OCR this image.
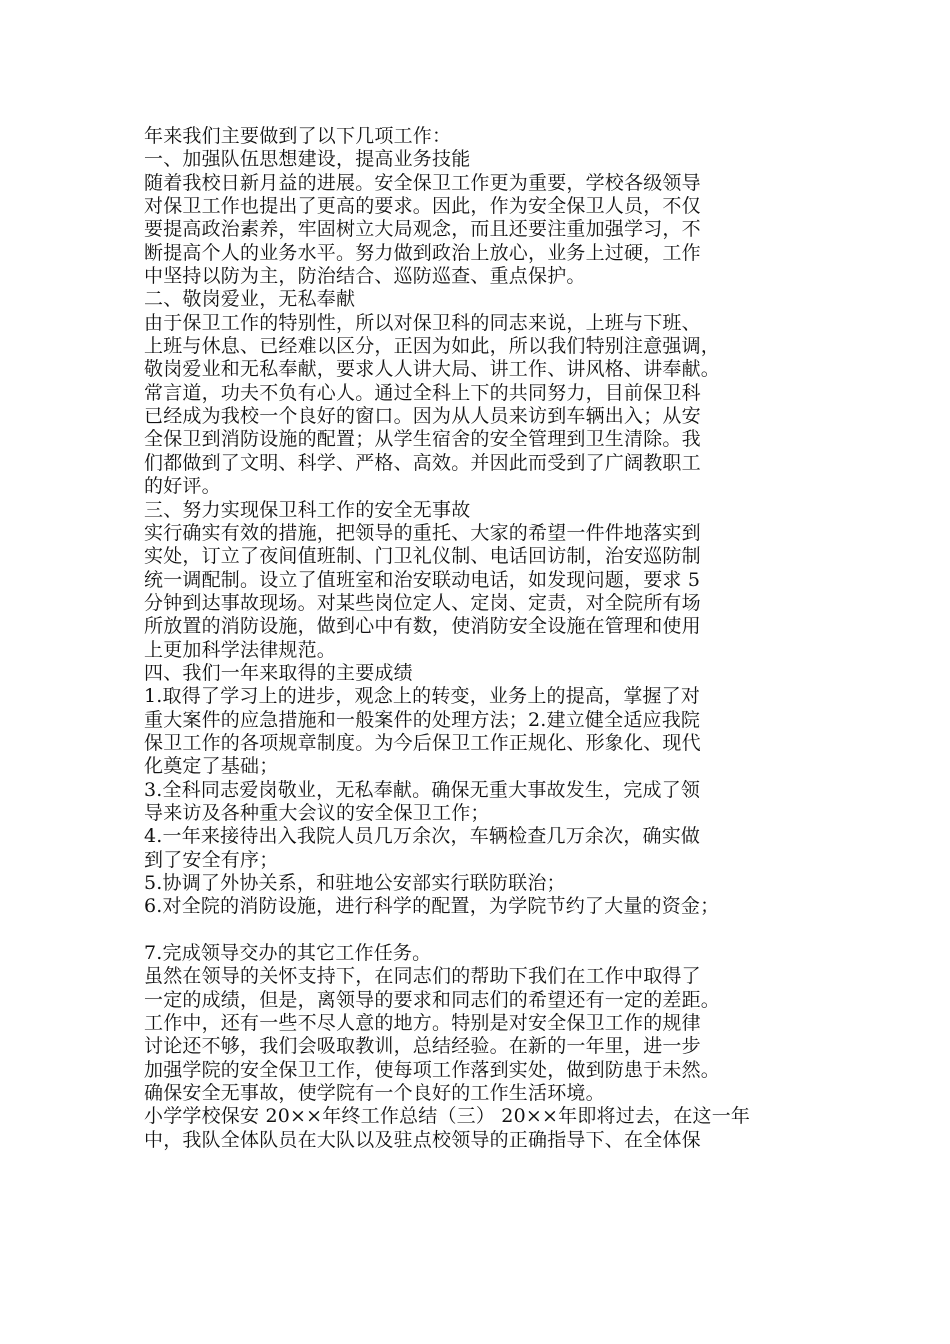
年来我们主要做到了以下几项工作：
一、加强队伍思想建设，提高业务技能
随着我校日新月益的进展。安全保卫工作更为重要，学校各级领导
对保卫工作也提出了更高的要求。因此，作为安全保卫人员，不仅
要提高政治素养，牢固树立大局观念，而且还要注重加强学习，不
断提高个人的业务水平。努力做到政治上放心，业务上过硬，工作
中坚持以防为主，防治结合、巡防巡查、重点保护。
二、敬岗爱业，无私奉献
由于保卫工作的特别性，所以对保卫科的同志来说，上班与下班、
上班与休息、已经难以区分，正因为如此，所以我们特别注意强调，
敬岗爱业和无私奉献，要求人人讲大局、讲工作、讲风格、讲奉献。
常言道，功夫不负有心人。通过全科上下的共同努力，目前保卫科
已经成为我校一个良好的窗口。因为从人员来访到车辆出入；从安
全保卫到消防设施的配置；从学生宿舍的安全管理到卫生清除。我
们都做到了文明、科学、严格、高效。并因此而受到了广阔教职工
的好评。
三、努力实现保卫科工作的安全无事故
实行确实有效的措施，把领导的重托、大家的希望一件件地落实到
实处，订立了夜间值班制、门卫礼仪制、电话回访制，治安巡防制
统一调配制。设立了值班室和治安联动电话，如发现问题，要求 5
分钟到达事故现场。对某些岗位定人、定岗、定责，对全院所有场
所放置的消防设施，做到心中有数，使消防安全设施在管理和使用
上更加科学法律规范。
四、我们一年来取得的主要成绩
1.取得了学习上的进步，观念上的转变，业务上的提高，掌握了对
重大案件的应急措施和一般案件的处理方法；2.建立健全适应我院
保卫工作的各项规章制度。为今后保卫工作正规化、形象化、现代
化奠定了基础；
3.全科同志爱岗敬业，无私奉献。确保无重大事故发生，完成了领
导来访及各种重大会议的安全保卫工作；
4.一年来接待出入我院人员几万余次，车辆检查几万余次，确实做
到了安全有序；
5.协调了外协关系，和驻地公安部实行联防联治；
6.对全院的消防设施，进行科学的配置，为学院节约了大量的资金；
7.完成领导交办的其它工作任务。
虽然在领导的关怀支持下，在同志们的帮助下我们在工作中取得了
一定的成绩，但是，离领导的要求和同志们的希望还有一定的差距。
工作中，还有一些不尽人意的地方。特别是对安全保卫工作的规律
讨论还不够，我们会吸取教训，总结经验。在新的一年里，进一步
加强学院的安全保卫工作，使每项工作落到实处，做到防患于未然。
确保安全无事故，使学院有一个良好的工作生活环境。
小学学校保安 20××年终工作总结（三） 20××年即将过去，在这一年
中，我队全体队员在大队以及驻点校领导的正确指导下、在全体保
